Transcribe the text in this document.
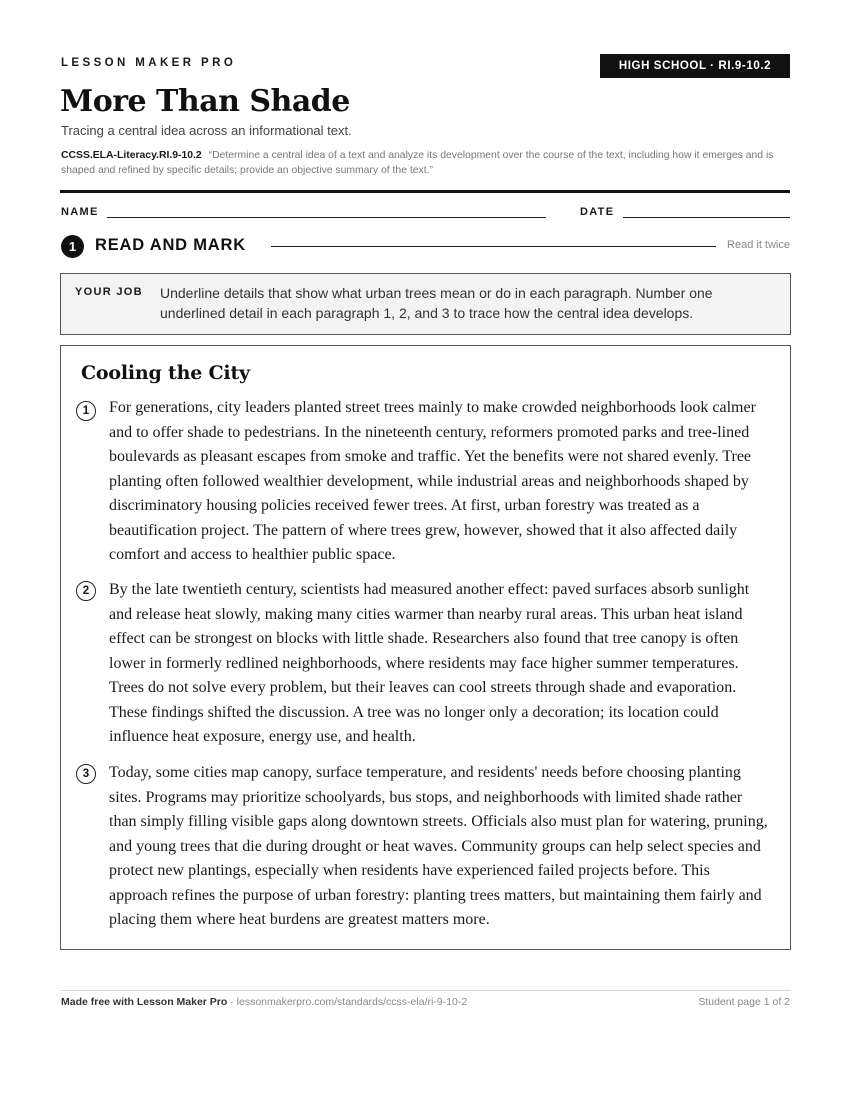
LESSON MAKER PRO	HIGH SCHOOL · RI.9-10.2
More Than Shade
Tracing a central idea across an informational text.
CCSS.ELA-Literacy.RI.9-10.2 “Determine a central idea of a text and analyze its development over the course of the text, including how it emerges and is shaped and refined by specific details; provide an objective summary of the text.”
NAME	DATE
1	READ AND MARK	Read it twice
YOUR JOB Underline details that show what urban trees mean or do in each paragraph. Number one underlined detail in each paragraph 1, 2, and 3 to trace how the central idea develops.
Cooling the City
1	For generations, city leaders planted street trees mainly to make crowded neighborhoods look calmer and to offer shade to pedestrians. In the nineteenth century, reformers promoted parks and tree-lined boulevards as pleasant escapes from smoke and traffic. Yet the benefits were not shared evenly. Tree planting often followed wealthier development, while industrial areas and neighborhoods shaped by discriminatory housing policies received fewer trees. At first, urban forestry was treated as a beautification project. The pattern of where trees grew, however, showed that it also affected daily comfort and access to healthier public space.
2	By the late twentieth century, scientists had measured another effect: paved surfaces absorb sunlight and release heat slowly, making many cities warmer than nearby rural areas. This urban heat island effect can be strongest on blocks with little shade. Researchers also found that tree canopy is often lower in formerly redlined neighborhoods, where residents may face higher summer temperatures. Trees do not solve every problem, but their leaves can cool streets through shade and evaporation. These findings shifted the discussion. A tree was no longer only a decoration; its location could influence heat exposure, energy use, and health.
3	Today, some cities map canopy, surface temperature, and residents' needs before choosing planting sites. Programs may prioritize schoolyards, bus stops, and neighborhoods with limited shade rather than simply filling visible gaps along downtown streets. Officials also must plan for watering, pruning, and young trees that die during drought or heat waves. Community groups can help select species and protect new plantings, especially when residents have experienced failed projects before. This approach refines the purpose of urban forestry: planting trees matters, but maintaining them fairly and placing them where heat burdens are greatest matters more.
Made free with Lesson Maker Pro · lessonmakerpro.com/standards/ccss-ela/ri-9-10-2	Student page 1 of 2
